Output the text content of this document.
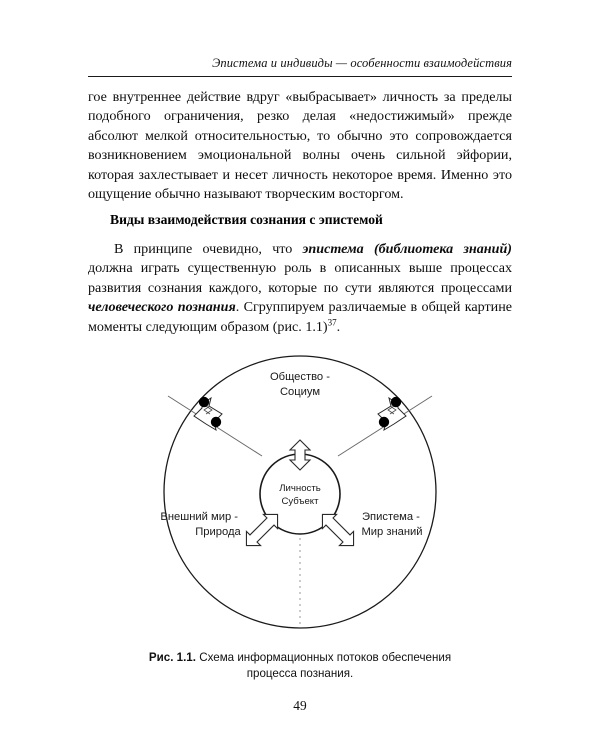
Эпистема и индивиды — особенности взаимодействия

гое внутреннее действие вдруг «выбрасывает» личность за пределы подобного ограничения, резко делая «недостижимый» прежде абсолют мелкой относительностью, то обычно это сопровождается возникновением эмоциональной волны очень сильной эйфории, которая захлестывает и несет личность некоторое время. Именно это ощущение обычно называют творческим восторгом.

Виды взаимодействия сознания с эпистемой

В принципе очевидно, что эпистема (библиотека знаний) должна играть существенную роль в описанных выше процессах развития сознания каждого, которые по сути являются процессами человеческого познания. Сгруппируем различаемые в общей картине моменты следующим образом (рис. 1.1)$^{37}$.

Общество -
Социум
Внешний мир -
Природа
Эпистема -
Мир знаний
Личность
Субъект
Рис. 1.1. Схема информационных потоков обеспечения
процесса познания.
49
